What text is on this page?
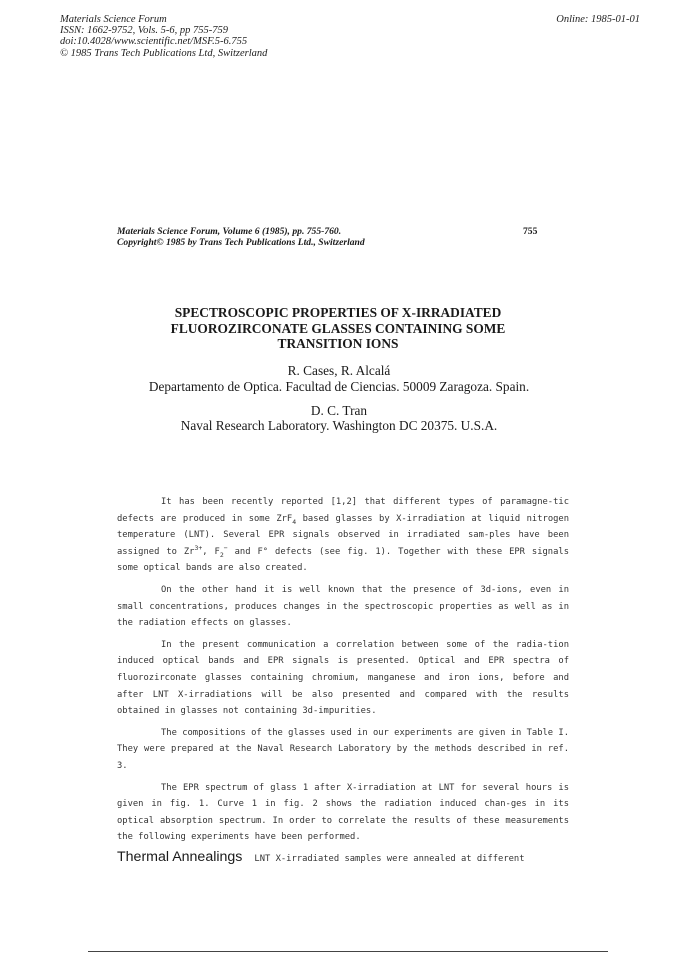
Materials Science Forum
ISSN: 1662-9752, Vols. 5-6, pp 755-759
doi:10.4028/www.scientific.net/MSF.5-6.755
© 1985 Trans Tech Publications Ltd, Switzerland
Online: 1985-01-01
Materials Science Forum, Volume 6 (1985), pp. 755-760.
Copyright© 1985 by Trans Tech Publications Ltd., Switzerland
755
SPECTROSCOPIC PROPERTIES OF X-IRRADIATED
FLUOROZIRCONATE GLASSES CONTAINING SOME
TRANSITION IONS
R. Cases, R. Alcalá
Departamento de Optica. Facultad de Ciencias. 50009 Zaragoza. Spain.
D. C. Tran
Naval Research Laboratory. Washington DC 20375. U.S.A.

It has been recently reported [1,2] that different types of paramagne-tic defects are produced in some ZrF$_4$ based glasses by X-irradiation at liquid nitrogen temperature (LNT). Several EPR signals observed in irradiated sam-ples have been assigned to $Zr^{3+}$, $F_2^-$ and F° defects (see fig. 1). Together with these EPR signals some optical bands are also created.

On the other hand it is well known that the presence of 3d-ions, even in small concentrations, produces changes in the spectroscopic properties as well as in the radiation effects on glasses.

In the present communication a correlation between some of the radia-tion induced optical bands and EPR signals is presented. Optical and EPR spectra of fluorozirconate glasses containing chromium, manganese and iron ions, before and after LNT X-irradiations will be also presented and compared with the results obtained in glasses not containing 3d-impurities.

The compositions of the glasses used in our experiments are given in Table I. They were prepared at the Naval Research Laboratory by the methods described in ref. 3.

The EPR spectrum of glass 1 after X-irradiation at LNT for several hours is given in fig. 1. Curve 1 in fig. 2 shows the radiation induced chan-ges in its optical absorption spectrum. In order to correlate the results of these measurements the following experiments have been performed.

Thermal Annealings LNT X-irradiated samples were annealed at different
